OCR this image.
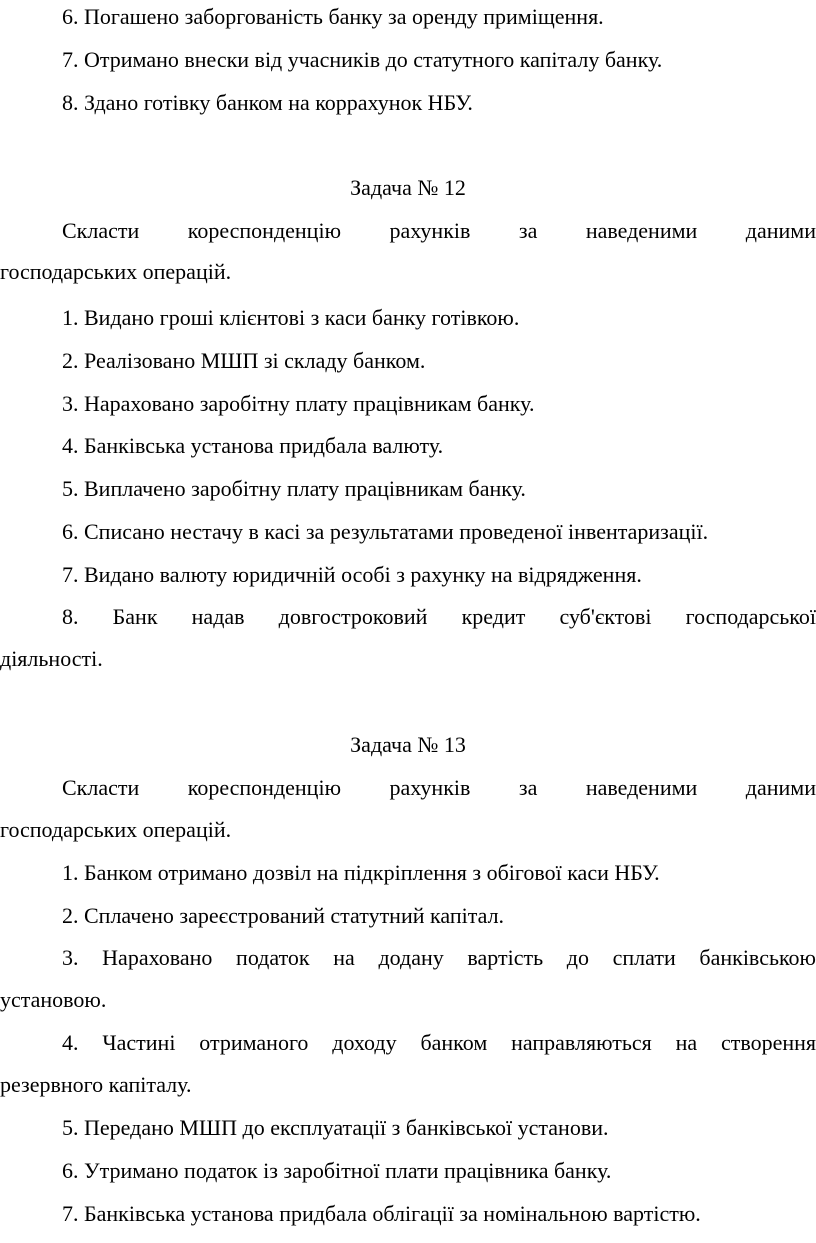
6. Погашено заборгованість банку за оренду приміщення.
7. Отримано внески від учасників до статутного капіталу банку.
8. Здано готівку банком на коррахунок НБУ.
Задача № 12
Скласти кореспонденцію рахунків за наведеними даними
господарських операцій.
1. Видано гроші клієнтові з каси банку готівкою.
2. Реалізовано МШП зі складу банком.
3. Нараховано заробітну плату працівникам банку.
4. Банківська установа придбала валюту.
5. Виплачено заробітну плату працівникам банку.
6. Списано нестачу в касі за результатами проведеної інвентаризації.
7. Видано валюту юридичній особі з рахунку на відрядження.
8. Банк надав довгостроковий кредит суб'єктові господарської
діяльності.
Задача № 13
Скласти кореспонденцію рахунків за наведеними даними
господарських операцій.
1. Банком отримано дозвіл на підкріплення з обігової каси НБУ.
2. Сплачено зареєстрований статутний капітал.
3. Нараховано податок на додану вартість до сплати банківською
установою.
4. Частині отриманого доходу банком направляються на створення
резервного капіталу.
5. Передано МШП до експлуатації з банківської установи.
6. Утримано податок із заробітної плати працівника банку.
7. Банківська установа придбала облігації за номінальною вартістю.
